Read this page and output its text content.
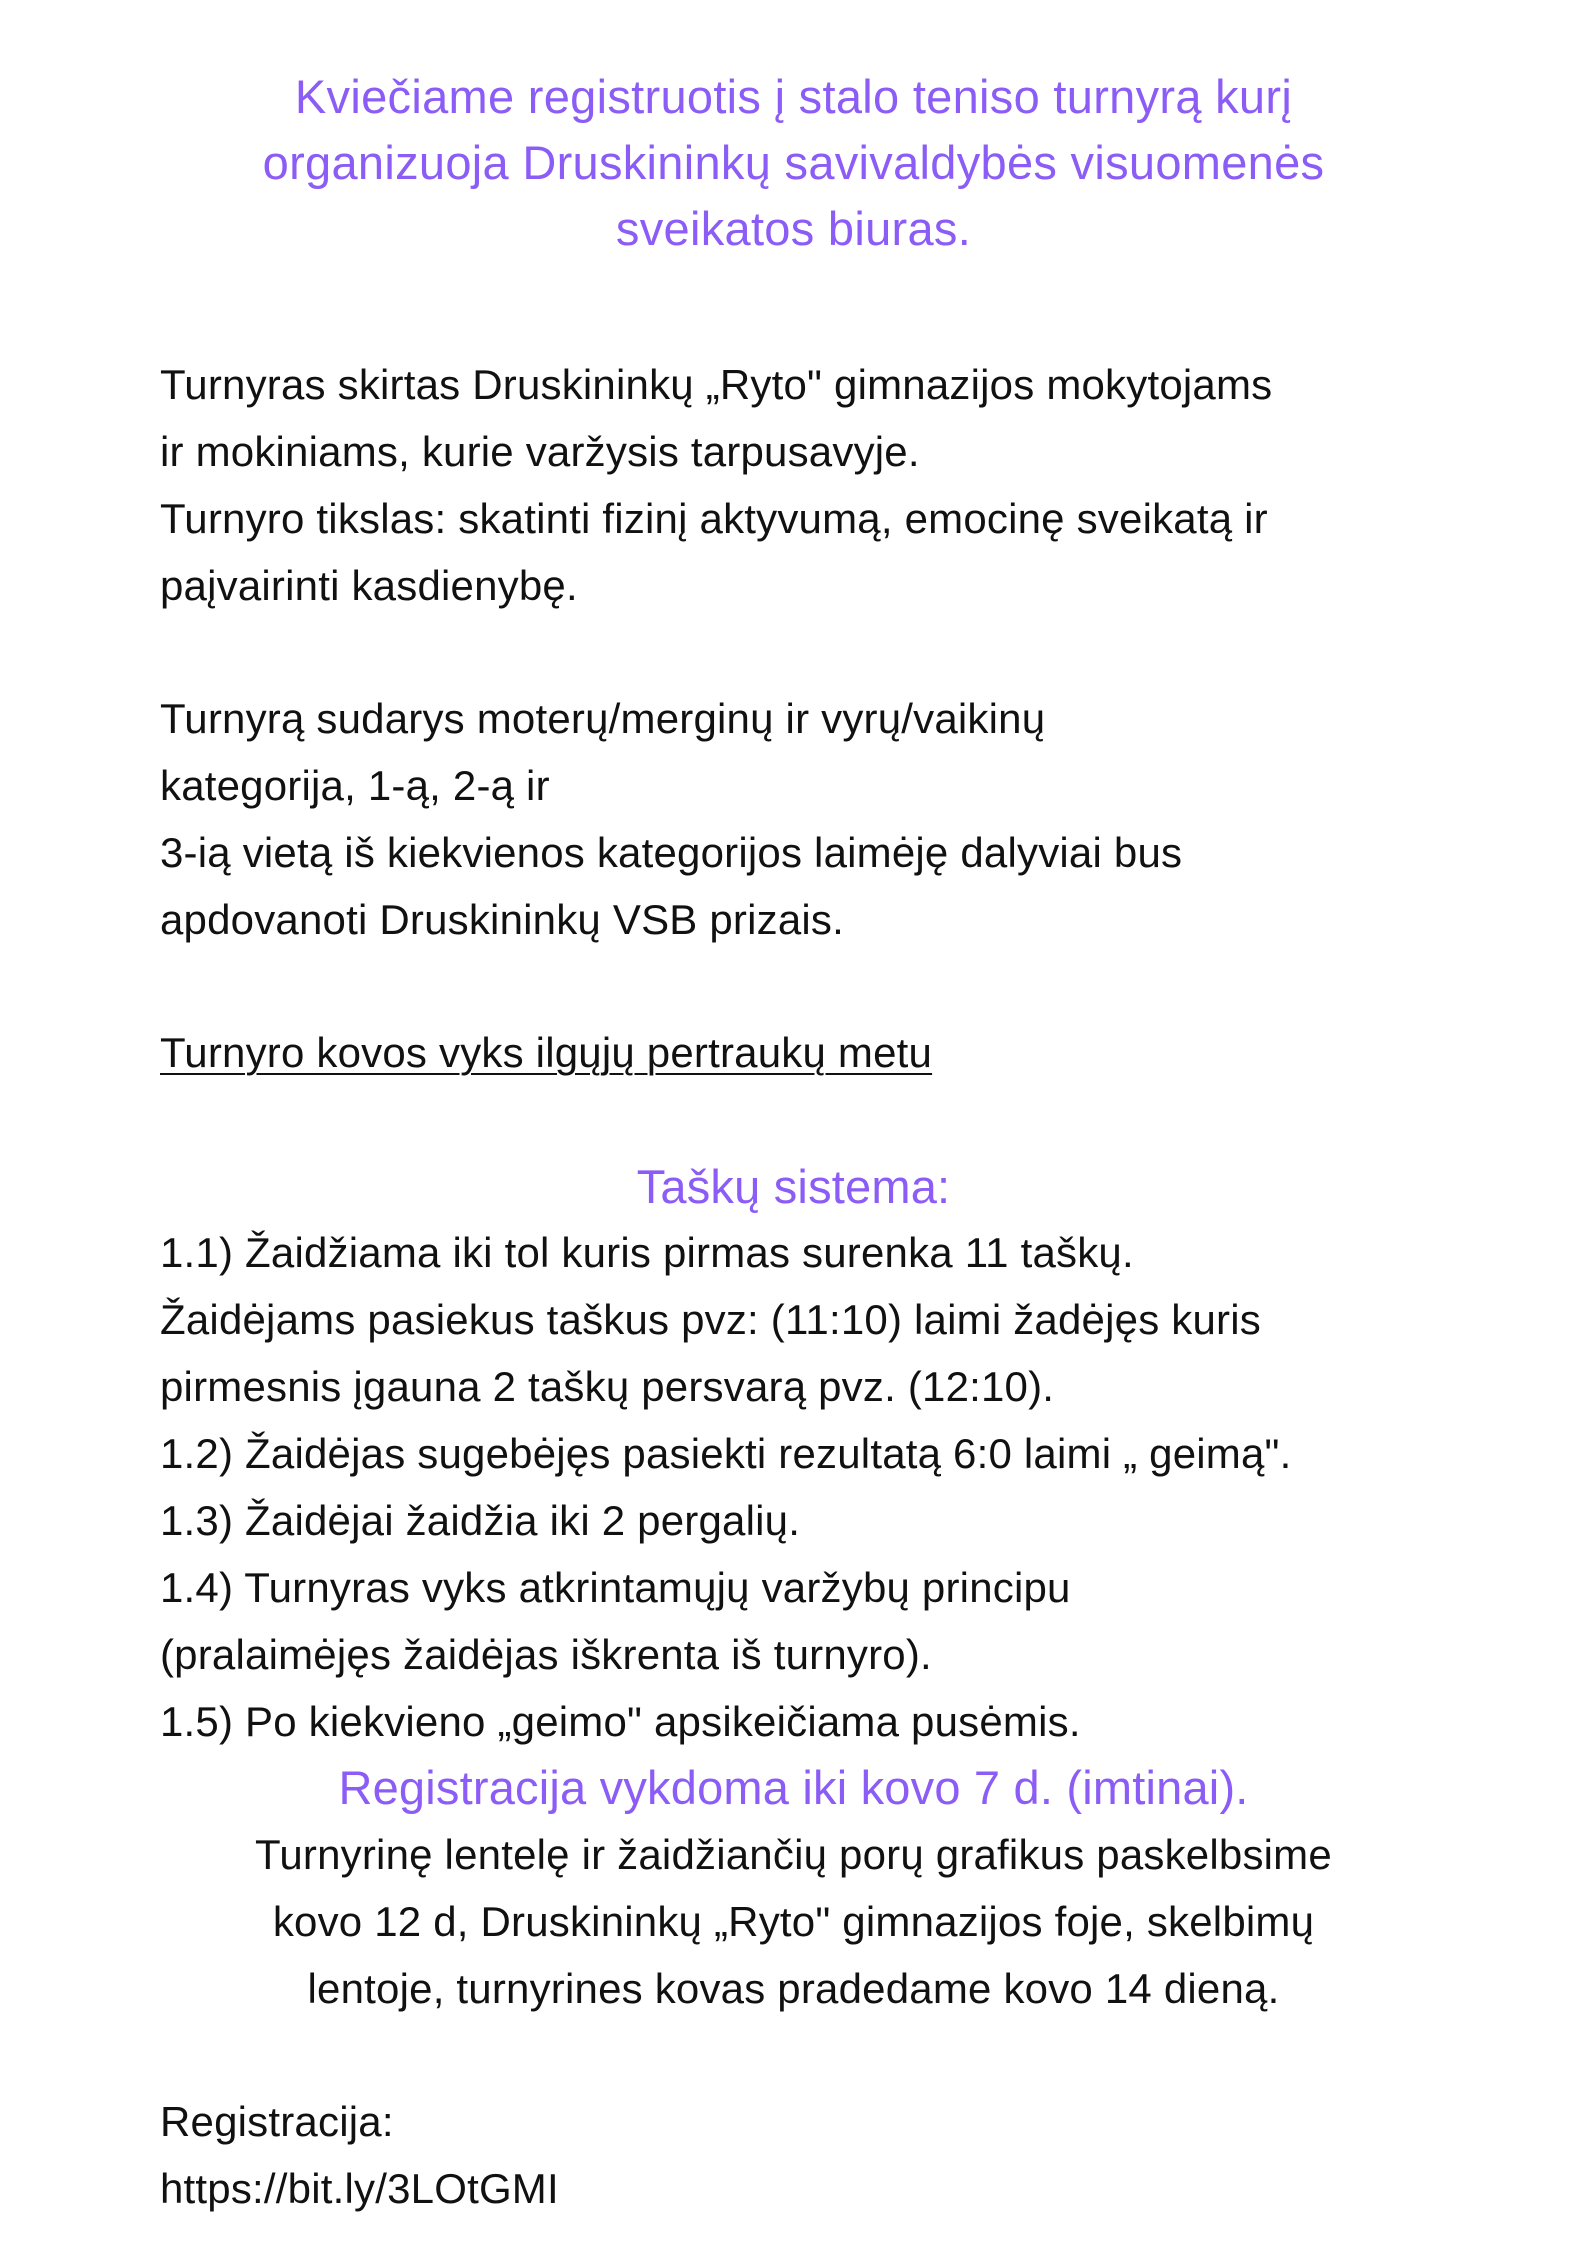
Kviečiame registruotis į stalo teniso turnyrą kurį
organizuoja Druskininkų savivaldybės visuomenės
sveikatos biuras.
Turnyras skirtas Druskininkų „Ryto" gimnazijos mokytojams
ir mokiniams, kurie varžysis tarpusavyje.
Turnyro tikslas: skatinti fizinį aktyvumą, emocinę sveikatą ir
paįvairinti kasdienybę.
Turnyrą sudarys moterų/merginų ir vyrų/vaikinų
kategorija, 1-ą, 2-ą ir
3-ią vietą iš kiekvienos kategorijos laimėję dalyviai bus
apdovanoti Druskininkų VSB prizais.
Turnyro kovos vyks ilgųjų pertraukų metu
Taškų sistema:
1.1) Žaidžiama iki tol kuris pirmas surenka 11 taškų.
Žaidėjams pasiekus taškus pvz: (11:10) laimi žadėjęs kuris
pirmesnis įgauna 2 taškų persvarą pvz. (12:10).
1.2) Žaidėjas sugebėjęs pasiekti rezultatą 6:0 laimi „ geimą".
1.3) Žaidėjai žaidžia iki 2 pergalių.
1.4) Turnyras vyks atkrintamųjų varžybų principu
(pralaimėjęs žaidėjas iškrenta iš turnyro).
1.5) Po kiekvieno „geimo" apsikeičiama pusėmis.
Registracija vykdoma iki kovo 7 d. (imtinai).
Turnyrinę lentelę ir žaidžiančių porų grafikus paskelbsime
kovo 12 d, Druskininkų „Ryto" gimnazijos foje, skelbimų
lentoje, turnyrines kovas pradedame kovo 14 dieną.
Registracija:
https://bit.ly/3LOtGMI
